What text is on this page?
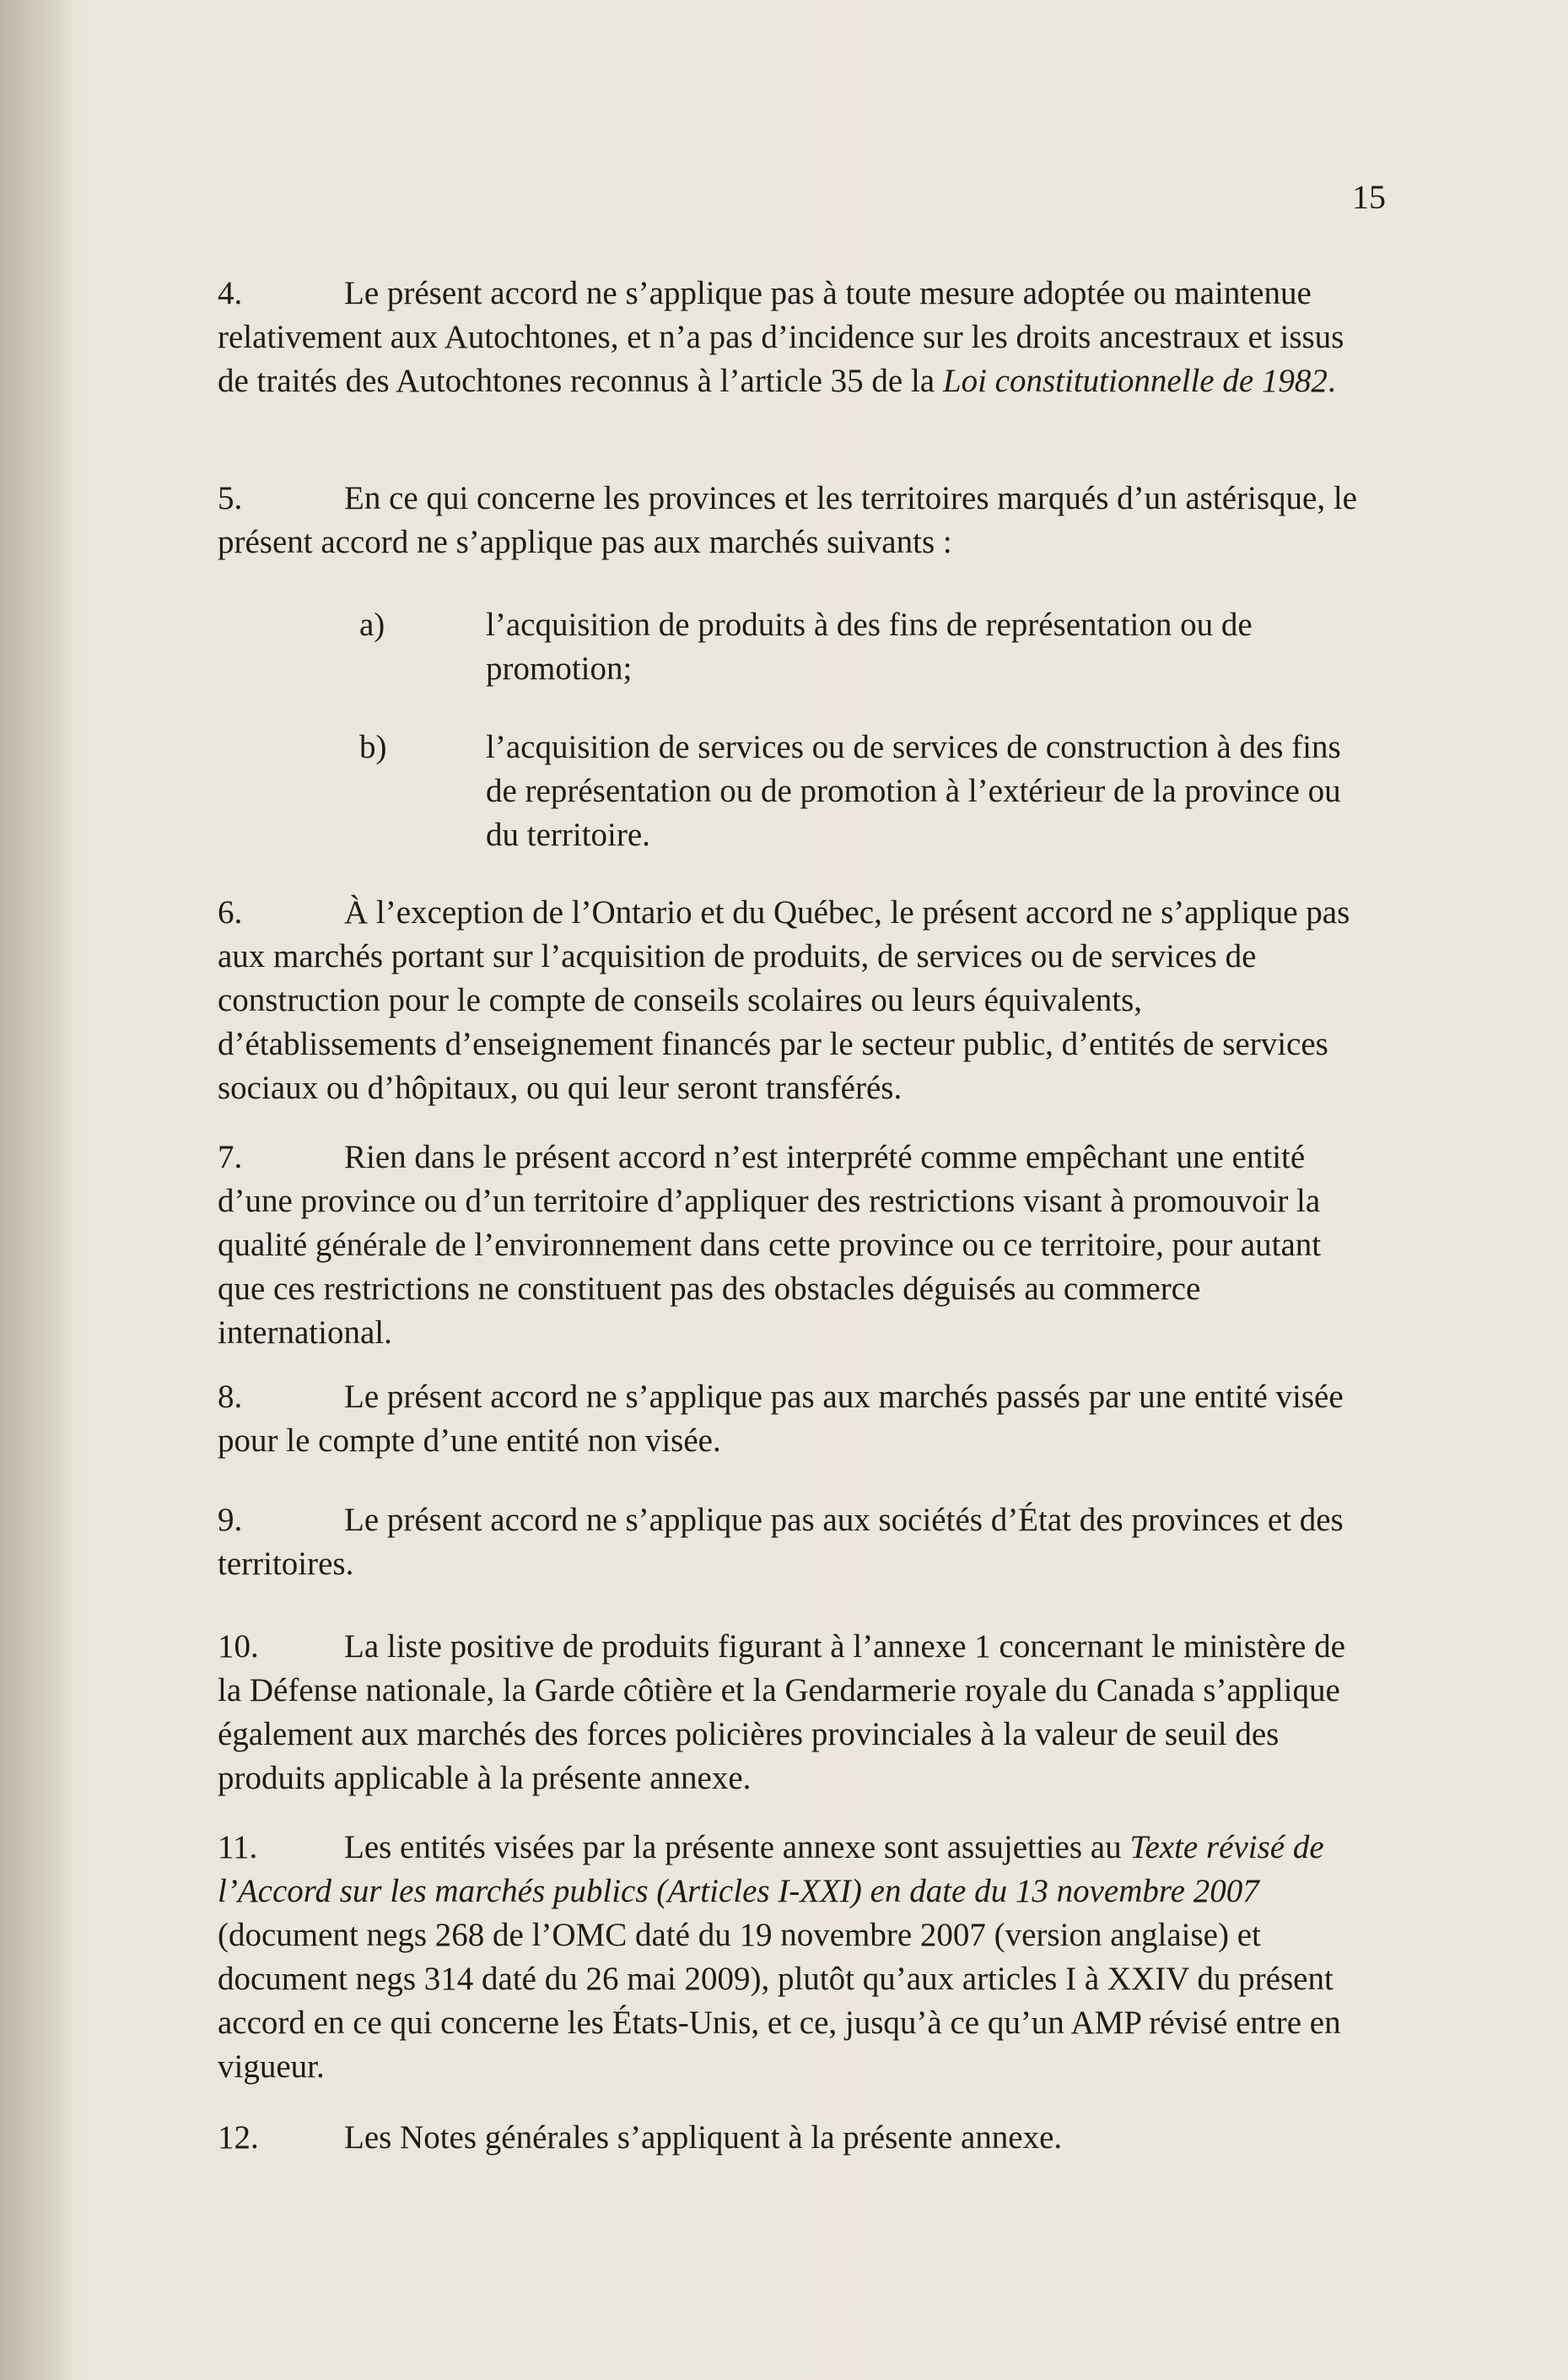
15
4.	Le présent accord ne s’applique pas à toute mesure adoptée ou maintenue relativement aux Autochtones, et n’a pas d’incidence sur les droits ancestraux et issus de traités des Autochtones reconnus à l’article 35 de la Loi constitutionnelle de 1982.
5.	En ce qui concerne les provinces et les territoires marqués d’un astérisque, le présent accord ne s’applique pas aux marchés suivants :
a)	l’acquisition de produits à des fins de représentation ou de promotion;
b)	l’acquisition de services ou de services de construction à des fins de représentation ou de promotion à l’extérieur de la province ou du territoire.
6.	À l’exception de l’Ontario et du Québec, le présent accord ne s’applique pas aux marchés portant sur l’acquisition de produits, de services ou de services de construction pour le compte de conseils scolaires ou leurs équivalents, d’établissements d’enseignement financés par le secteur public, d’entités de services sociaux ou d’hôpitaux, ou qui leur seront transférés.
7.	Rien dans le présent accord n’est interprété comme empêchant une entité d’une province ou d’un territoire d’appliquer des restrictions visant à promouvoir la qualité générale de l’environnement dans cette province ou ce territoire, pour autant que ces restrictions ne constituent pas des obstacles déguisés au commerce international.
8.	Le présent accord ne s’applique pas aux marchés passés par une entité visée pour le compte d’une entité non visée.
9.	Le présent accord ne s’applique pas aux sociétés d’État des provinces et des territoires.
10.	La liste positive de produits figurant à l’annexe 1 concernant le ministère de la Défense nationale, la Garde côtière et la Gendarmerie royale du Canada s’applique également aux marchés des forces policières provinciales à la valeur de seuil des produits applicable à la présente annexe.
11.	Les entités visées par la présente annexe sont assujetties au Texte révisé de l’Accord sur les marchés publics (Articles I-XXI) en date du 13 novembre 2007 (document negs 268 de l’OMC daté du 19 novembre 2007 (version anglaise) et document negs 314 daté du 26 mai 2009), plutôt qu’aux articles I à XXIV du présent accord en ce qui concerne les États-Unis, et ce, jusqu’à ce qu’un AMP révisé entre en vigueur.
12.	Les Notes générales s’appliquent à la présente annexe.
